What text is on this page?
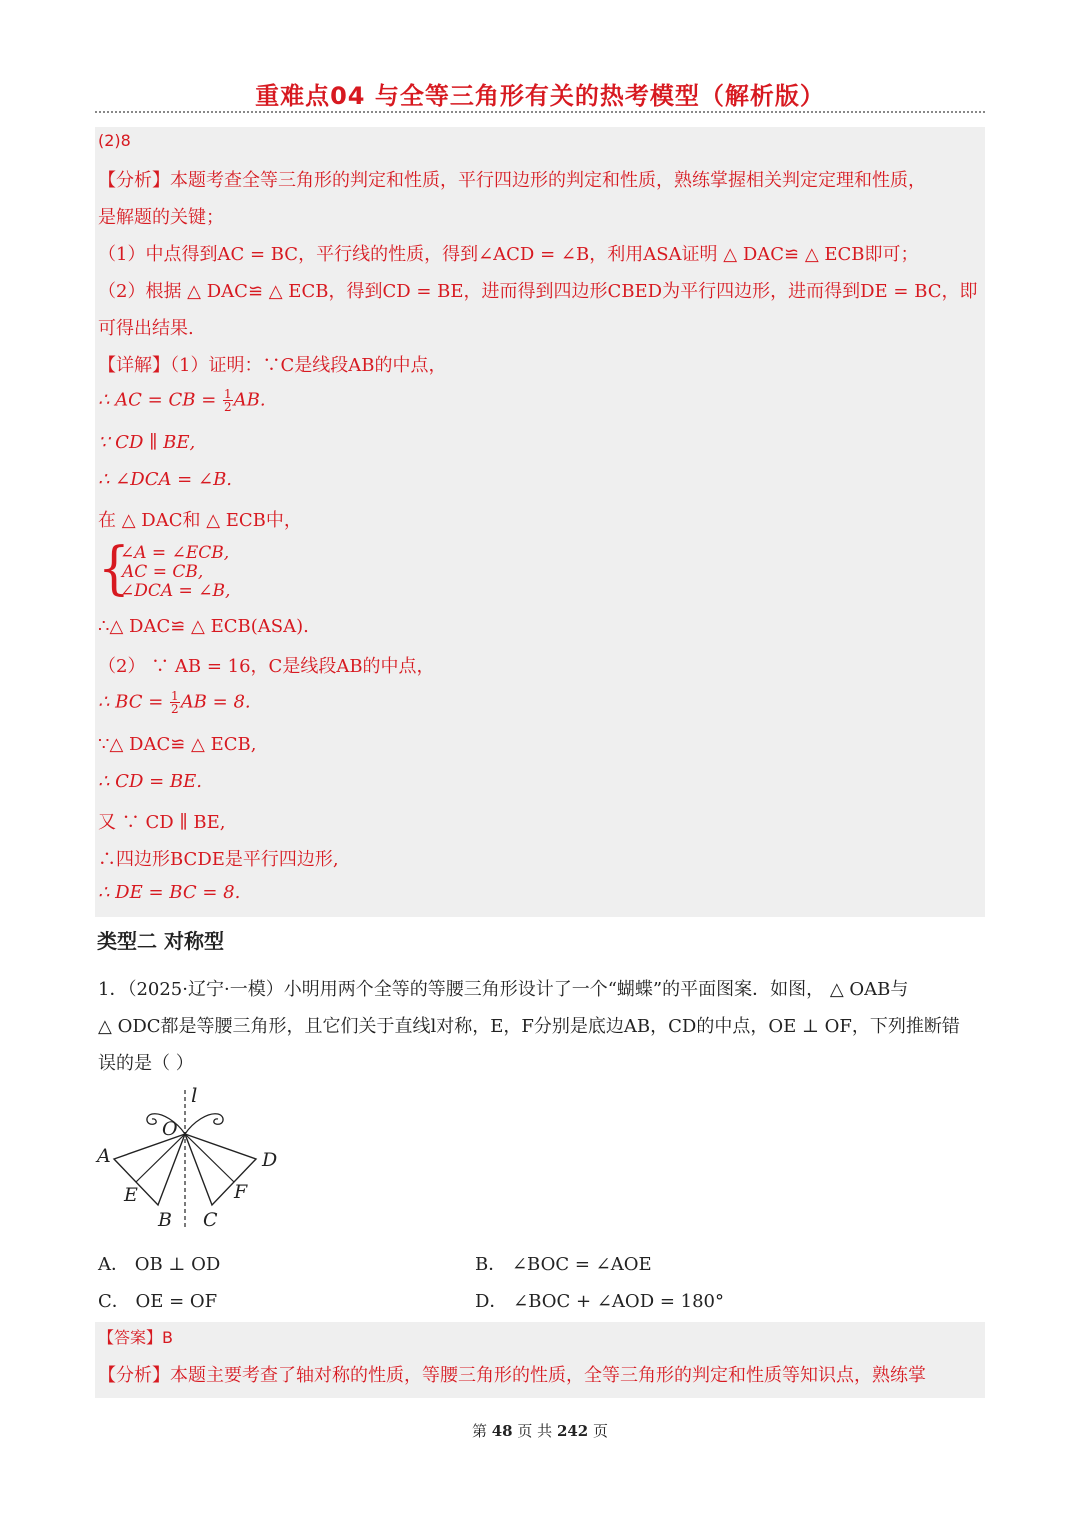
重难点04 与全等三角形有关的热考模型（解析版）
(2)8
【分析】本题考查全等三角形的判定和性质，平行四边形的判定和性质，熟练掌握相关判定定理和性质，
是解题的关键；
（1）中点得到AC = BC，平行线的性质，得到∠ACD = ∠B，利用ASA证明 △ DAC≌ △ ECB即可；
（2）根据 △ DAC≌ △ ECB，得到CD = BE，进而得到四边形CBED为平行四边形，进而得到DE = BC，即
可得出结果.
【详解】（1）证明：∵C是线段AB的中点，
∴ AC = CB = $\frac{1}{2}$ AB.
∵ CD ∥ BE,
∴ ∠DCA = ∠B.
在 △ DAC和 △ ECB中，
{
∠A = ∠ECB,
AC = CB,
∠DCA = ∠B,
∴△ DAC≌ △ ECB(ASA).
（2） ∵ AB = 16，C是线段AB的中点，
∴ BC = $\frac{1}{2}$ AB = 8.
∵△ DAC≌ △ ECB,
∴ CD = BE.
又 ∵ CD ∥ BE,
∴四边形BCDE是平行四边形,
∴ DE = BC = 8.
类型二 对称型
1．（2025·辽宁·一模）小明用两个全等的等腰三角形设计了一个“蝴蝶”的平面图案．如图， △ OAB与
△ ODC都是等腰三角形，且它们关于直线l对称，E，F分别是底边AB，CD的中点，OE ⊥ OF，下列推断错
误的是（ ）
l
O
A	D
E	F
B C
A． OB ⊥ OD	B． ∠BOC = ∠AOE
C． OE = OF	D． ∠BOC + ∠AOD = 180°
【答案】B
【分析】本题主要考查了轴对称的性质，等腰三角形的性质，全等三角形的判定和性质等知识点，熟练掌
第 48 页 共 242 页
